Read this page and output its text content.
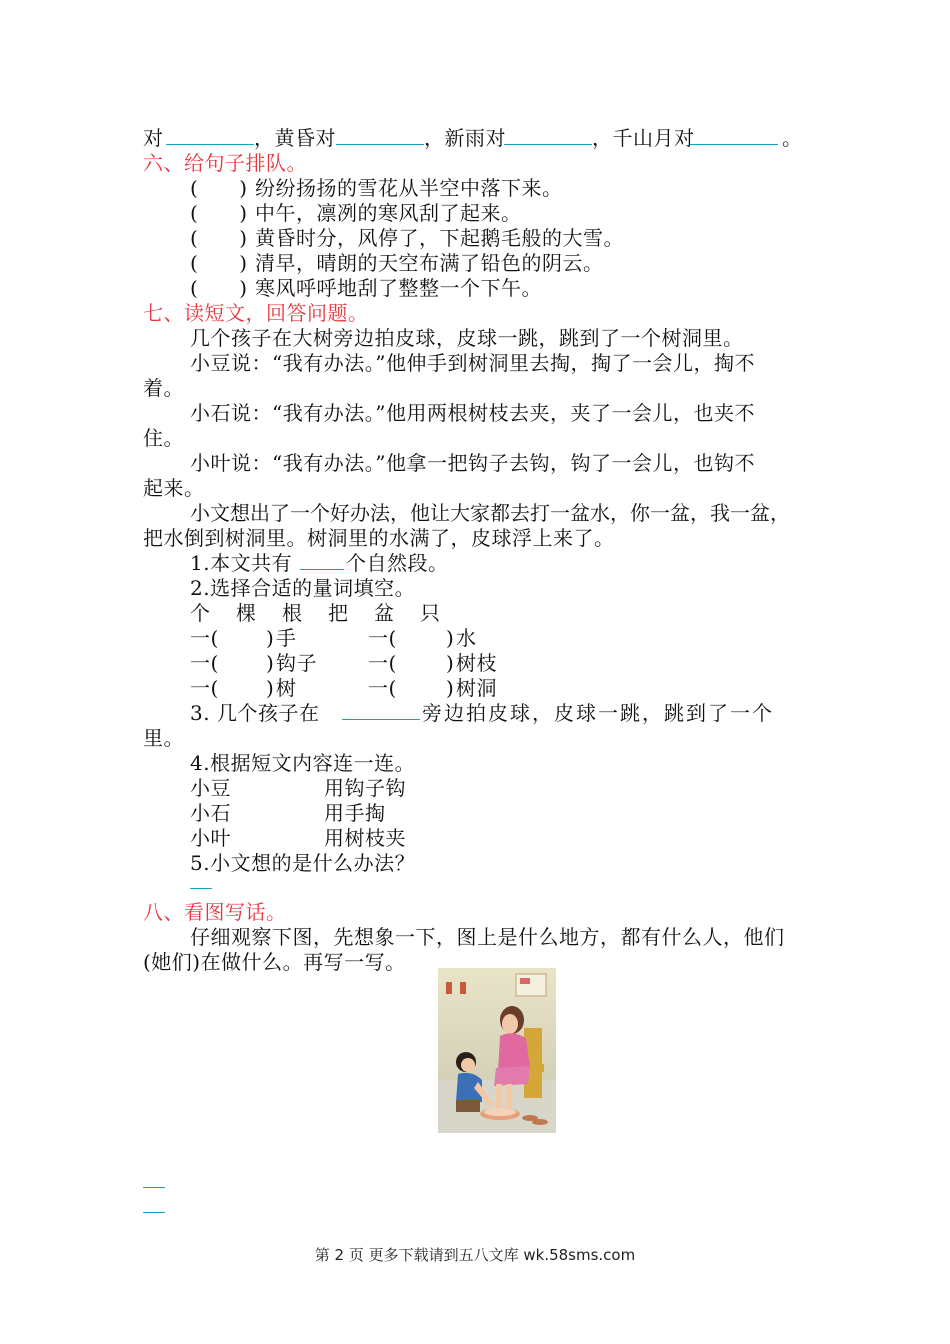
对	，黄昏对	，新雨对	，千山月对	。
六、给句子排队。
(　　) 纷纷扬扬的雪花从半空中落下来。
(　　) 中午，凛冽的寒风刮了起来。
(　　) 黄昏时分，风停了，下起鹅毛般的大雪。
(　　) 清早，晴朗的天空布满了铅色的阴云。
(　　) 寒风呼呼地刮了整整一个下午。
七、读短文，回答问题。
几个孩子在大树旁边拍皮球，皮球一跳，跳到了一个树洞里。
小豆说：“我有办法。”他伸手到树洞里去掏，掏了一会儿，掏不
着。
小石说：“我有办法。”他用两根树枝去夹，夹了一会儿，也夹不
住。
小叶说：“我有办法。”他拿一把钩子去钩，钩了一会儿，也钩不
起来。
小文想出了一个好办法，他让大家都去打一盆水，你一盆，我一盆，
把水倒到树洞里。树洞里的水满了，皮球浮上来了。
1.本文共有	个自然段。
2.选择合适的量词填空。
个 棵 根 把 盆 只
一( ) 手	一( ) 水
一( ) 钩子	一( ) 树枝
一( ) 树	一( ) 树洞
3. 几个孩子在	旁边拍皮球，皮球一跳，跳到了一个
里。
4.根据短文内容连一连。
小豆	用钩子钩
小石	用手掏
小叶	用树枝夹
5.小文想的是什么办法？
八、看图写话。
仔细观察下图，先想象一下，图上是什么地方，都有什么人，他们
(她们)在做什么。再写一写。
第 2 页 更多下载请到五八文库 wk.58sms.com
